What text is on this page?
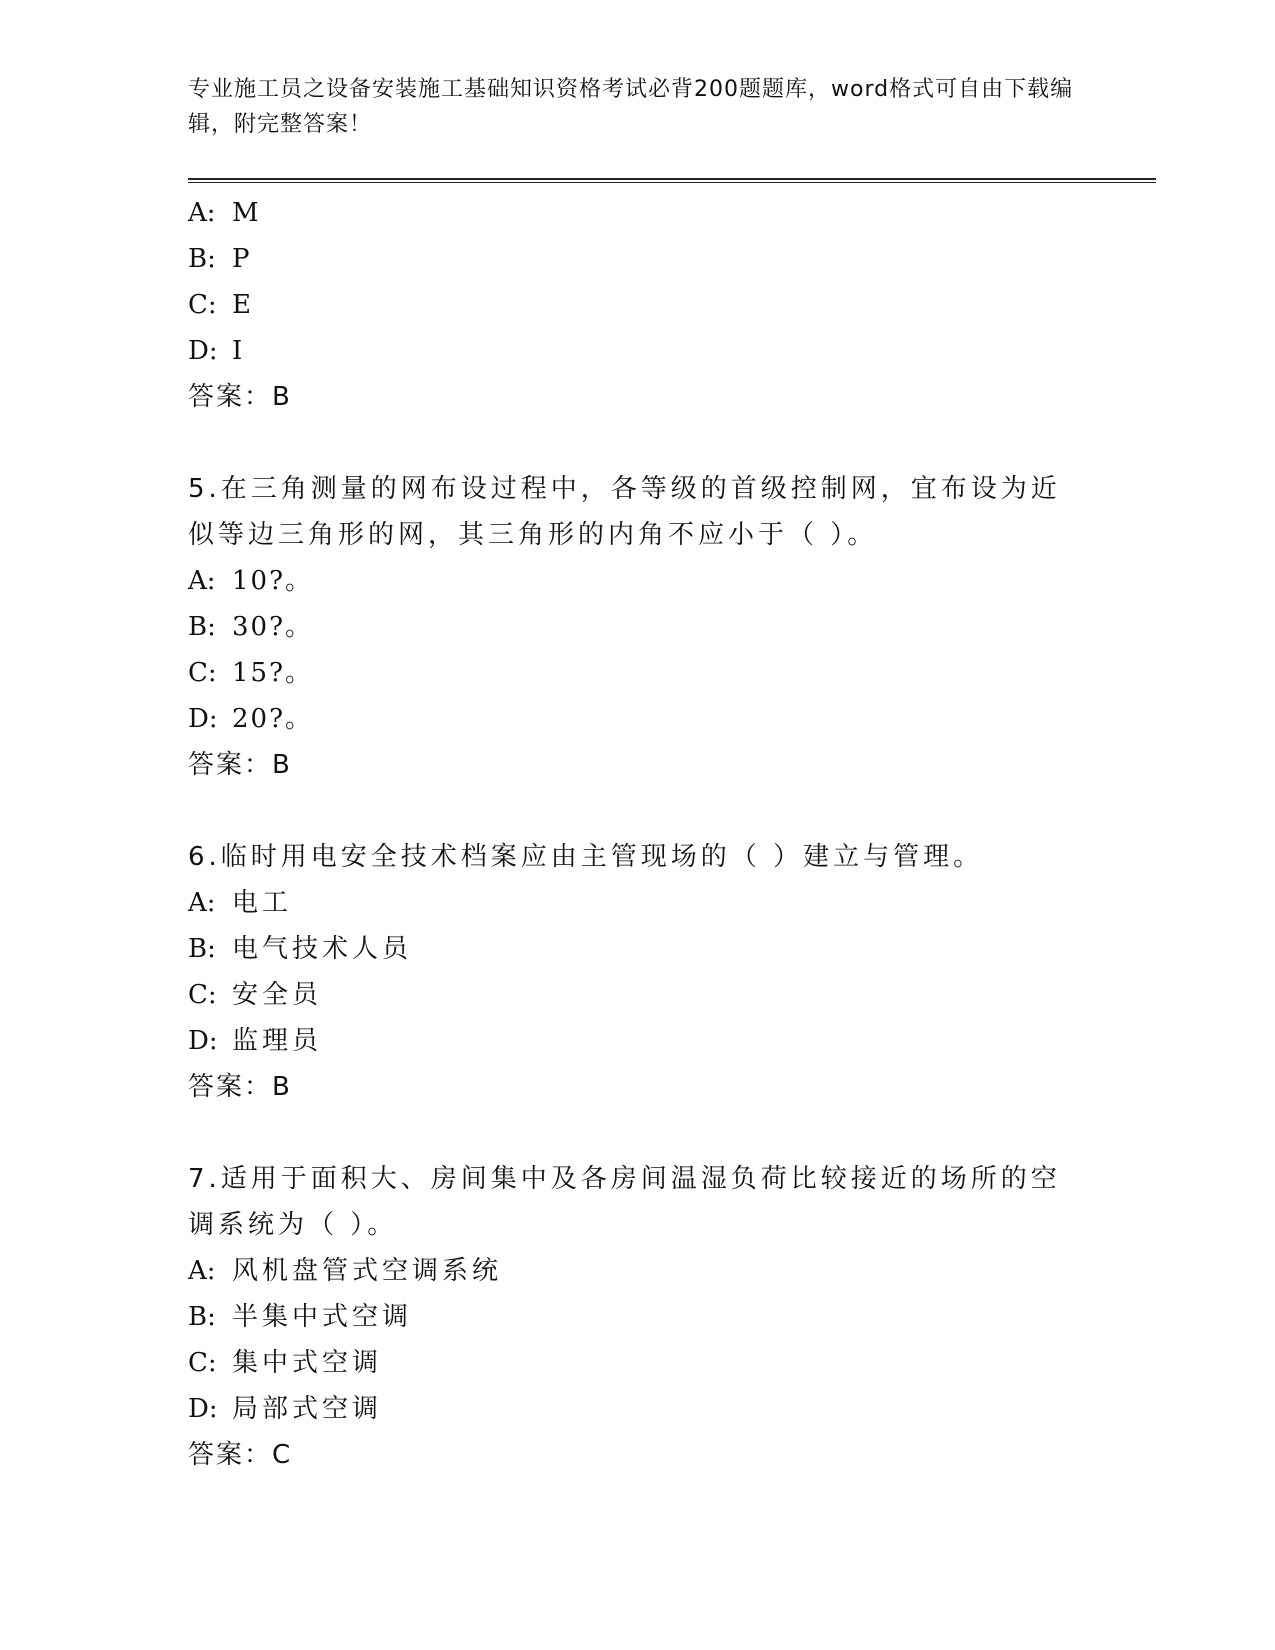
专业施工员之设备安装施工基础知识资格考试必背200题题库，word格式可自由下载编辑，附完整答案！
A: M
B: P
C: E
D: I
答案：B
5.在三角测量的网布设过程中，各等级的首级控制网，宜布设为近似等边三角形的网，其三角形的内角不应小于（ ）。
A: 10?。
B: 30?。
C: 15?。
D: 20?。
答案：B
6.临时用电安全技术档案应由主管现场的（ ）建立与管理。
A: 电工
B: 电气技术人员
C: 安全员
D: 监理员
答案：B
7.适用于面积大、房间集中及各房间温湿负荷比较接近的场所的空调系统为（ ）。
A: 风机盘管式空调系统
B: 半集中式空调
C: 集中式空调
D: 局部式空调
答案：C
